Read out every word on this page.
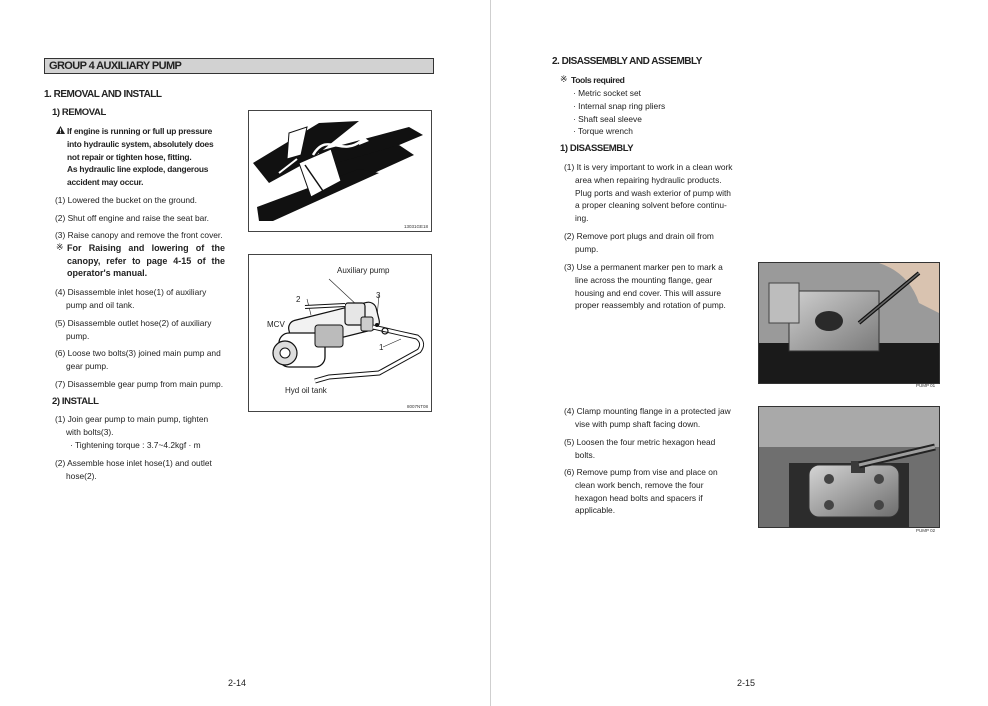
GROUP 4 AUXILIARY PUMP
1. REMOVAL AND INSTALL
1) REMOVAL
If engine is running or full up pressure
into hydraulic system, absolutely does
not repair or tighten hose, fitting.
As hydraulic line explode, dangerous
accident may occur.
(1) Lowered the bucket on the ground.
(2) Shut off engine and raise the seat bar.
(3) Raise canopy and remove the front cover.
※ For Raising and lowering of the
canopy, refer to page 4-15 of the
operator's manual.
(4) Disassemble inlet hose(1) of auxiliary
pump and oil tank.
(5) Disassemble outlet hose(2) of auxiliary
pump.
(6) Loose two bolts(3) joined main pump and
gear pump.
(7) Disassemble gear pump from main pump.
2) INSTALL
(1) Join gear pump to main pump, tighten
with bolts(3).
· Tightening torque : 3.7~4.2kgf · m
(2) Assemble hose inlet hose(1) and outlet
hose(2).
13031GE18
Auxiliary pump
MCV
Hyd oil tank
2	3
1
8007NT08
2-14
2. DISASSEMBLY AND ASSEMBLY
※ Tools required
· Metric socket set
· Internal snap ring pliers
· Shaft seal sleeve
· Torque wrench
1) DISASSEMBLY
(1) It is very important to work in a clean work
area when repairing hydraulic products.
Plug ports and wash exterior of pump with
a proper cleaning solvent before continu-
ing.
(2) Remove port plugs and drain oil from
pump.
(3) Use a permanent marker pen to mark a
line across the mounting flange, gear
housing and end cover. This will assure
proper reassembly and rotation of pump.
(4) Clamp mounting flange in a protected jaw
vise with pump shaft facing down.
(5) Loosen the four metric hexagon head
bolts.
(6) Remove pump from vise and place on
clean work bench, remove the four
hexagon head bolts and spacers if
applicable.
PUMP 01
PUMP 02
2-15
